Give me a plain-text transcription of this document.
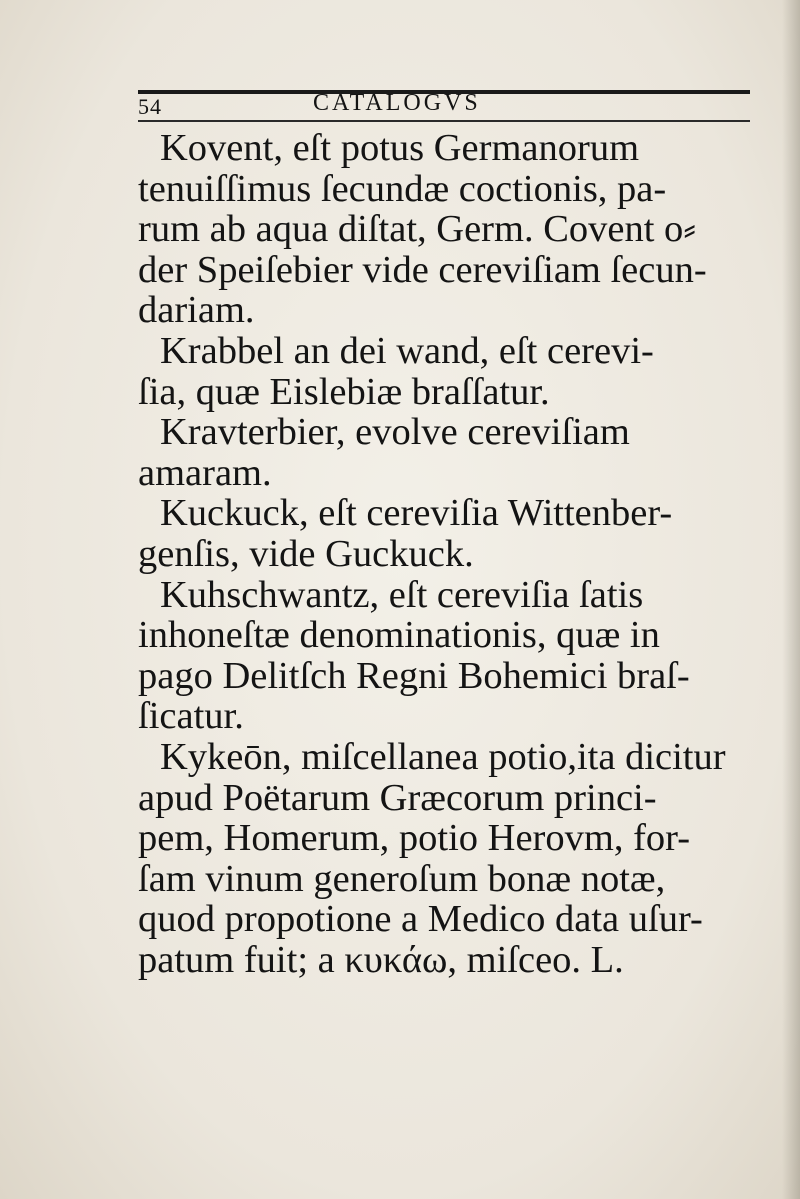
54	CATALOGVS
Kovent, eſt potus Germanorum
tenuiſſimus ſecundæ coctionis, pa-
rum ab aqua diſtat, Germ. Covent o⸗
der Speiſebier vide cereviſiam ſecun-
dariam.
Krabbel an dei wand, eſt cerevi-
ſia, quæ Eislebiæ braſſatur.
Kravterbier, evolve cereviſiam
amaram.
Kuckuck, eſt cereviſia Wittenber-
genſis, vide Guckuck.
Kuhschwantz, eſt cereviſia ſatis
inhoneſtæ denominationis, quæ in
pago Delitſch Regni Bohemici braſ-
ſicatur.
Kykeōn, miſcellanea potio,ita dicitur
apud Poëtarum Græcorum princi-
pem, Homerum, potio Herovm, for-
ſam vinum generoſum bonæ notæ,
quod propotione a Medico data uſur-
patum fuit; a κυκάω, miſceo. L.
